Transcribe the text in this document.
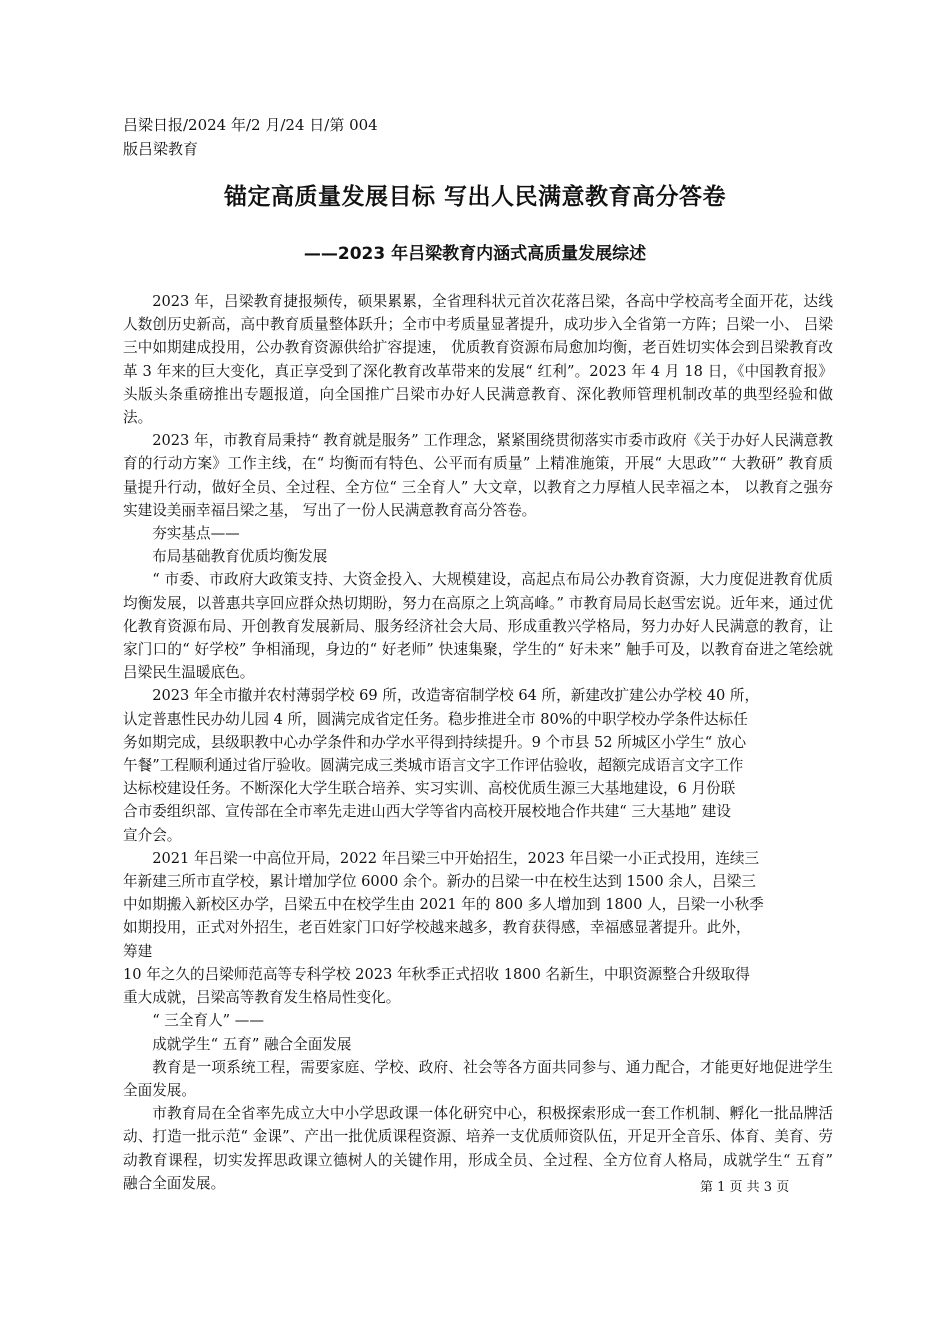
吕梁日报/2024 年/2 月/24 日/第 004
版吕梁教育
锚定高质量发展目标 写出人民满意教育高分答卷
——2023 年吕梁教育内涵式高质量发展综述

2023 年，吕梁教育捷报频传，硕果累累，全省理科状元首次花落吕梁，各高中学校高考全面开花，达线人数创历史新高，高中教育质量整体跃升；全市中考质量显著提升，成功步入全省第一方阵；吕梁一小、 吕梁三中如期建成投用，公办教育资源供给扩容提速， 优质教育资源布局愈加均衡，老百姓切实体会到吕梁教育改革 3 年来的巨大变化，真正享受到了深化教育改革带来的发展“ 红利”。2023 年 4 月 18 日，《中国教育报》头版头条重磅推出专题报道，向全国推广吕梁市办好人民满意教育、深化教师管理机制改革的典型经验和做法。

2023 年，市教育局秉持“ 教育就是服务” 工作理念，紧紧围绕贯彻落实市委市政府《关于办好人民满意教育的行动方案》工作主线，在“ 均衡而有特色、公平而有质量” 上精准施策，开展“ 大思政”“ 大教研” 教育质量提升行动，做好全员、全过程、全方位“ 三全育人” 大文章，以教育之力厚植人民幸福之本， 以教育之强夯实建设美丽幸福吕梁之基， 写出了一份人民满意教育高分答卷。

夯实基点——

布局基础教育优质均衡发展

“ 市委、市政府大政策支持、大资金投入、大规模建设，高起点布局公办教育资源，大力度促进教育优质均衡发展，以普惠共享回应群众热切期盼，努力在高原之上筑高峰。” 市教育局局长赵雪宏说。近年来，通过优化教育资源布局、开创教育发展新局、服务经济社会大局、形成重教兴学格局，努力办好人民满意的教育，让家门口的“ 好学校” 争相涌现，身边的“ 好老师” 快速集聚，学生的“ 好未来” 触手可及，以教育奋进之笔绘就吕梁民生温暖底色。

2023 年全市撤并农村薄弱学校 69 所，改造寄宿制学校 64 所，新建改扩建公办学校 40 所，

认定普惠性民办幼儿园 4 所，圆满完成省定任务。稳步推进全市 80%的中职学校办学条件达标任

务如期完成，县级职教中心办学条件和办学水平得到持续提升。9 个市县 52 所城区小学生“ 放心

午餐”工程顺利通过省厅验收。圆满完成三类城市语言文字工作评估验收，超额完成语言文字工作

达标校建设任务。不断深化大学生联合培养、实习实训、高校优质生源三大基地建设，6 月份联

合市委组织部、宣传部在全市率先走进山西大学等省内高校开展校地合作共建“ 三大基地” 建设

宣介会。

2021 年吕梁一中高位开局，2022 年吕梁三中开始招生，2023 年吕梁一小正式投用，连续三

年新建三所市直学校，累计增加学位 6000 余个。新办的吕梁一中在校生达到 1500 余人，吕梁三

中如期搬入新校区办学，吕梁五中在校学生由 2021 年的 800 多人增加到 1800 人，吕梁一小秋季

如期投用，正式对外招生，老百姓家门口好学校越来越多，教育获得感，幸福感显著提升。此外，

筹建

10 年之久的吕梁师范高等专科学校 2023 年秋季正式招收 1800 名新生，中职资源整合升级取得

重大成就，吕梁高等教育发生格局性变化。

“ 三全育人” ——

成就学生“ 五育” 融合全面发展

教育是一项系统工程，需要家庭、学校、政府、社会等各方面共同参与、通力配合，才能更好地促进学生全面发展。

市教育局在全省率先成立大中小学思政课一体化研究中心，积极探索形成一套工作机制、孵化一批品牌活动、打造一批示范“ 金课”、产出一批优质课程资源、培养一支优质师资队伍，开足开全音乐、体育、美育、劳动教育课程，切实发挥思政课立德树人的关键作用，形成全员、全过程、全方位育人格局，成就学生“ 五育” 融合全面发展。	第 1 页 共 3 页
